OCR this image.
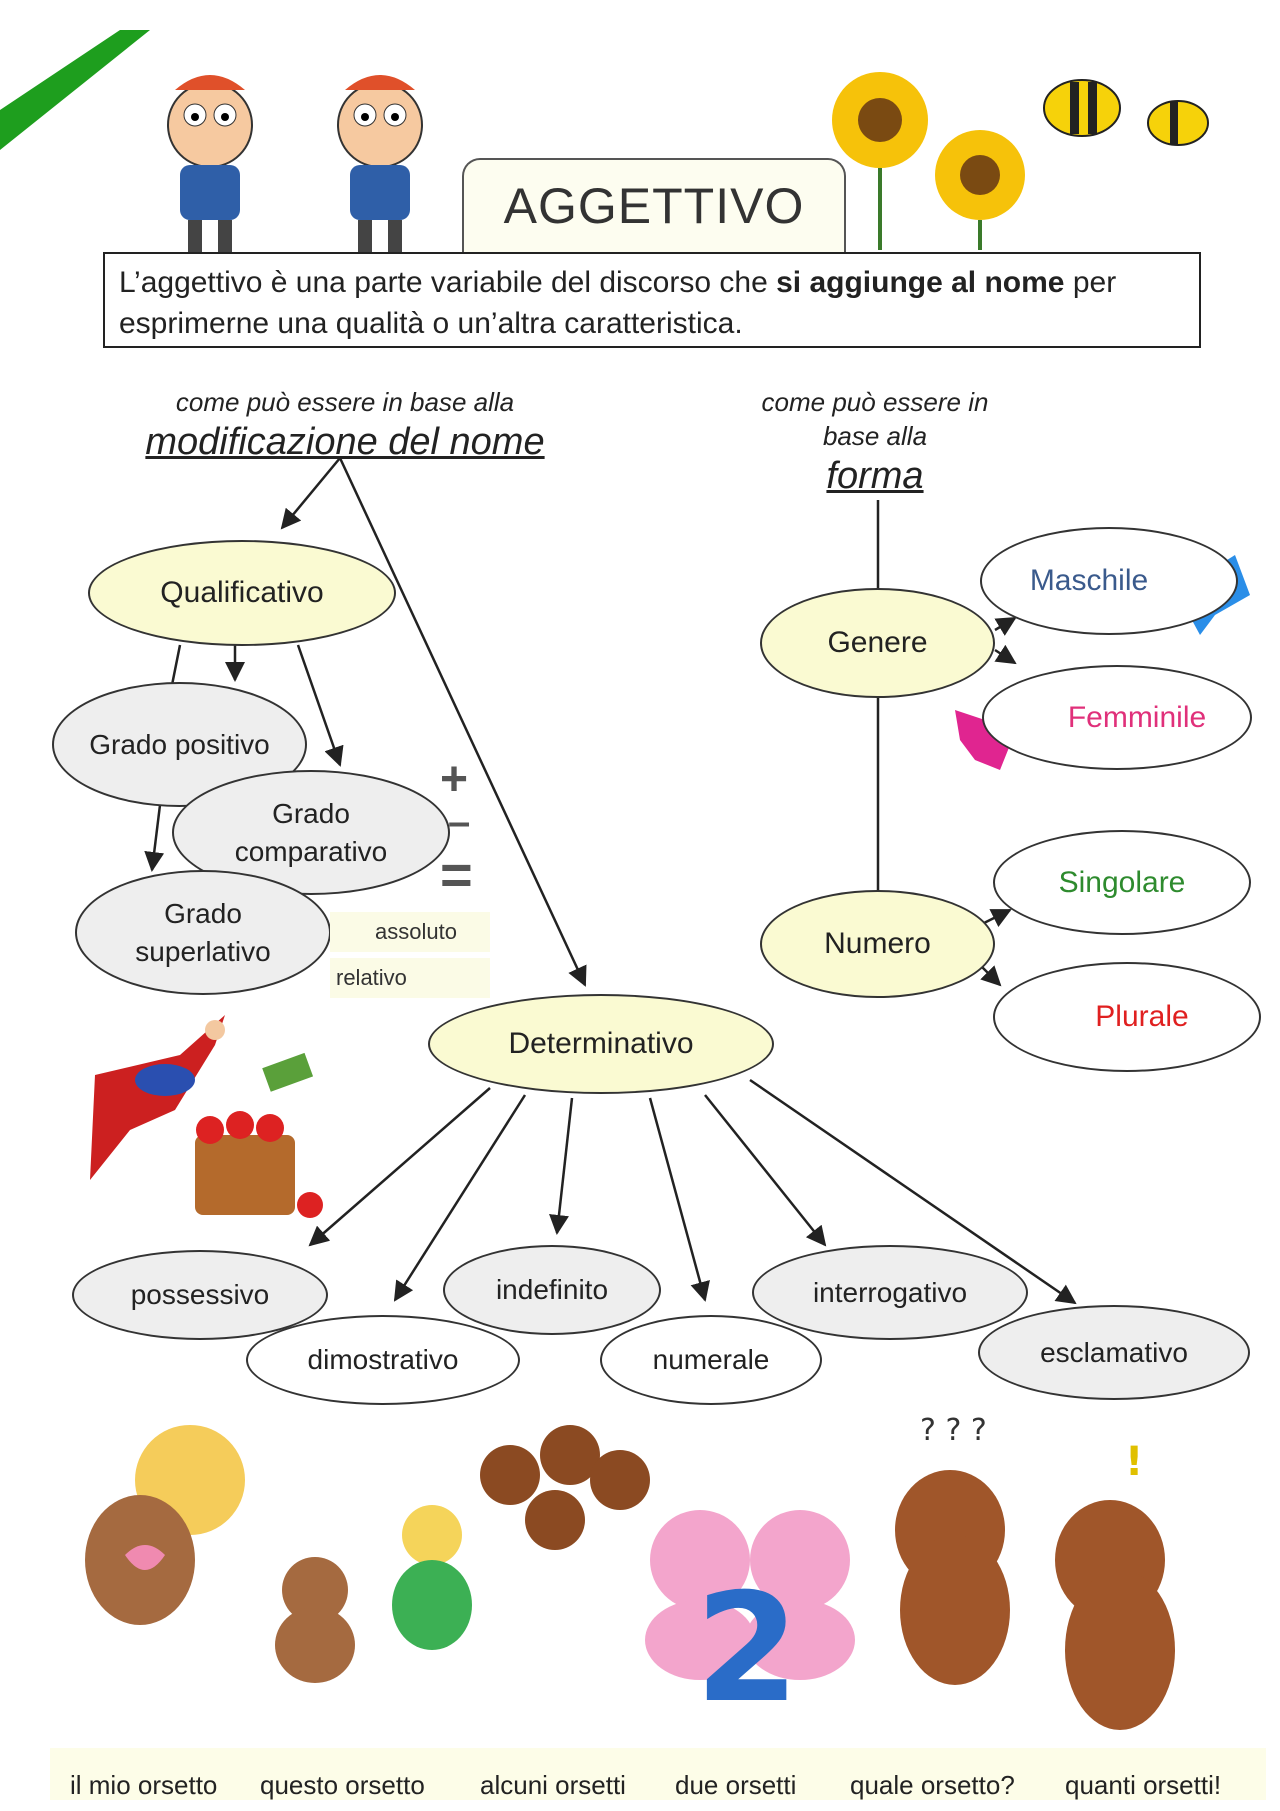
2
? ? ?
!
AGGETTIVO
L’aggettivo è una parte variabile del discorso che si aggiunge al nome per esprimerne una qualità o un’altra caratteristica.
come può essere in base alla
modificazione del nome
come può essere in
base alla
forma
Qualificativo
Grado positivo
Grado comparativo
Grado superlativo
assoluto
relativo
+
–
=
Determinativo
possessivo
dimostrativo
indefinito
numerale
interrogativo
esclamativo
Genere
Maschile
Femminile
Numero
Singolare
Plurale
il mio orsetto questo orsetto alcuni orsetti due orsetti quale orsetto? quanti orsetti!
